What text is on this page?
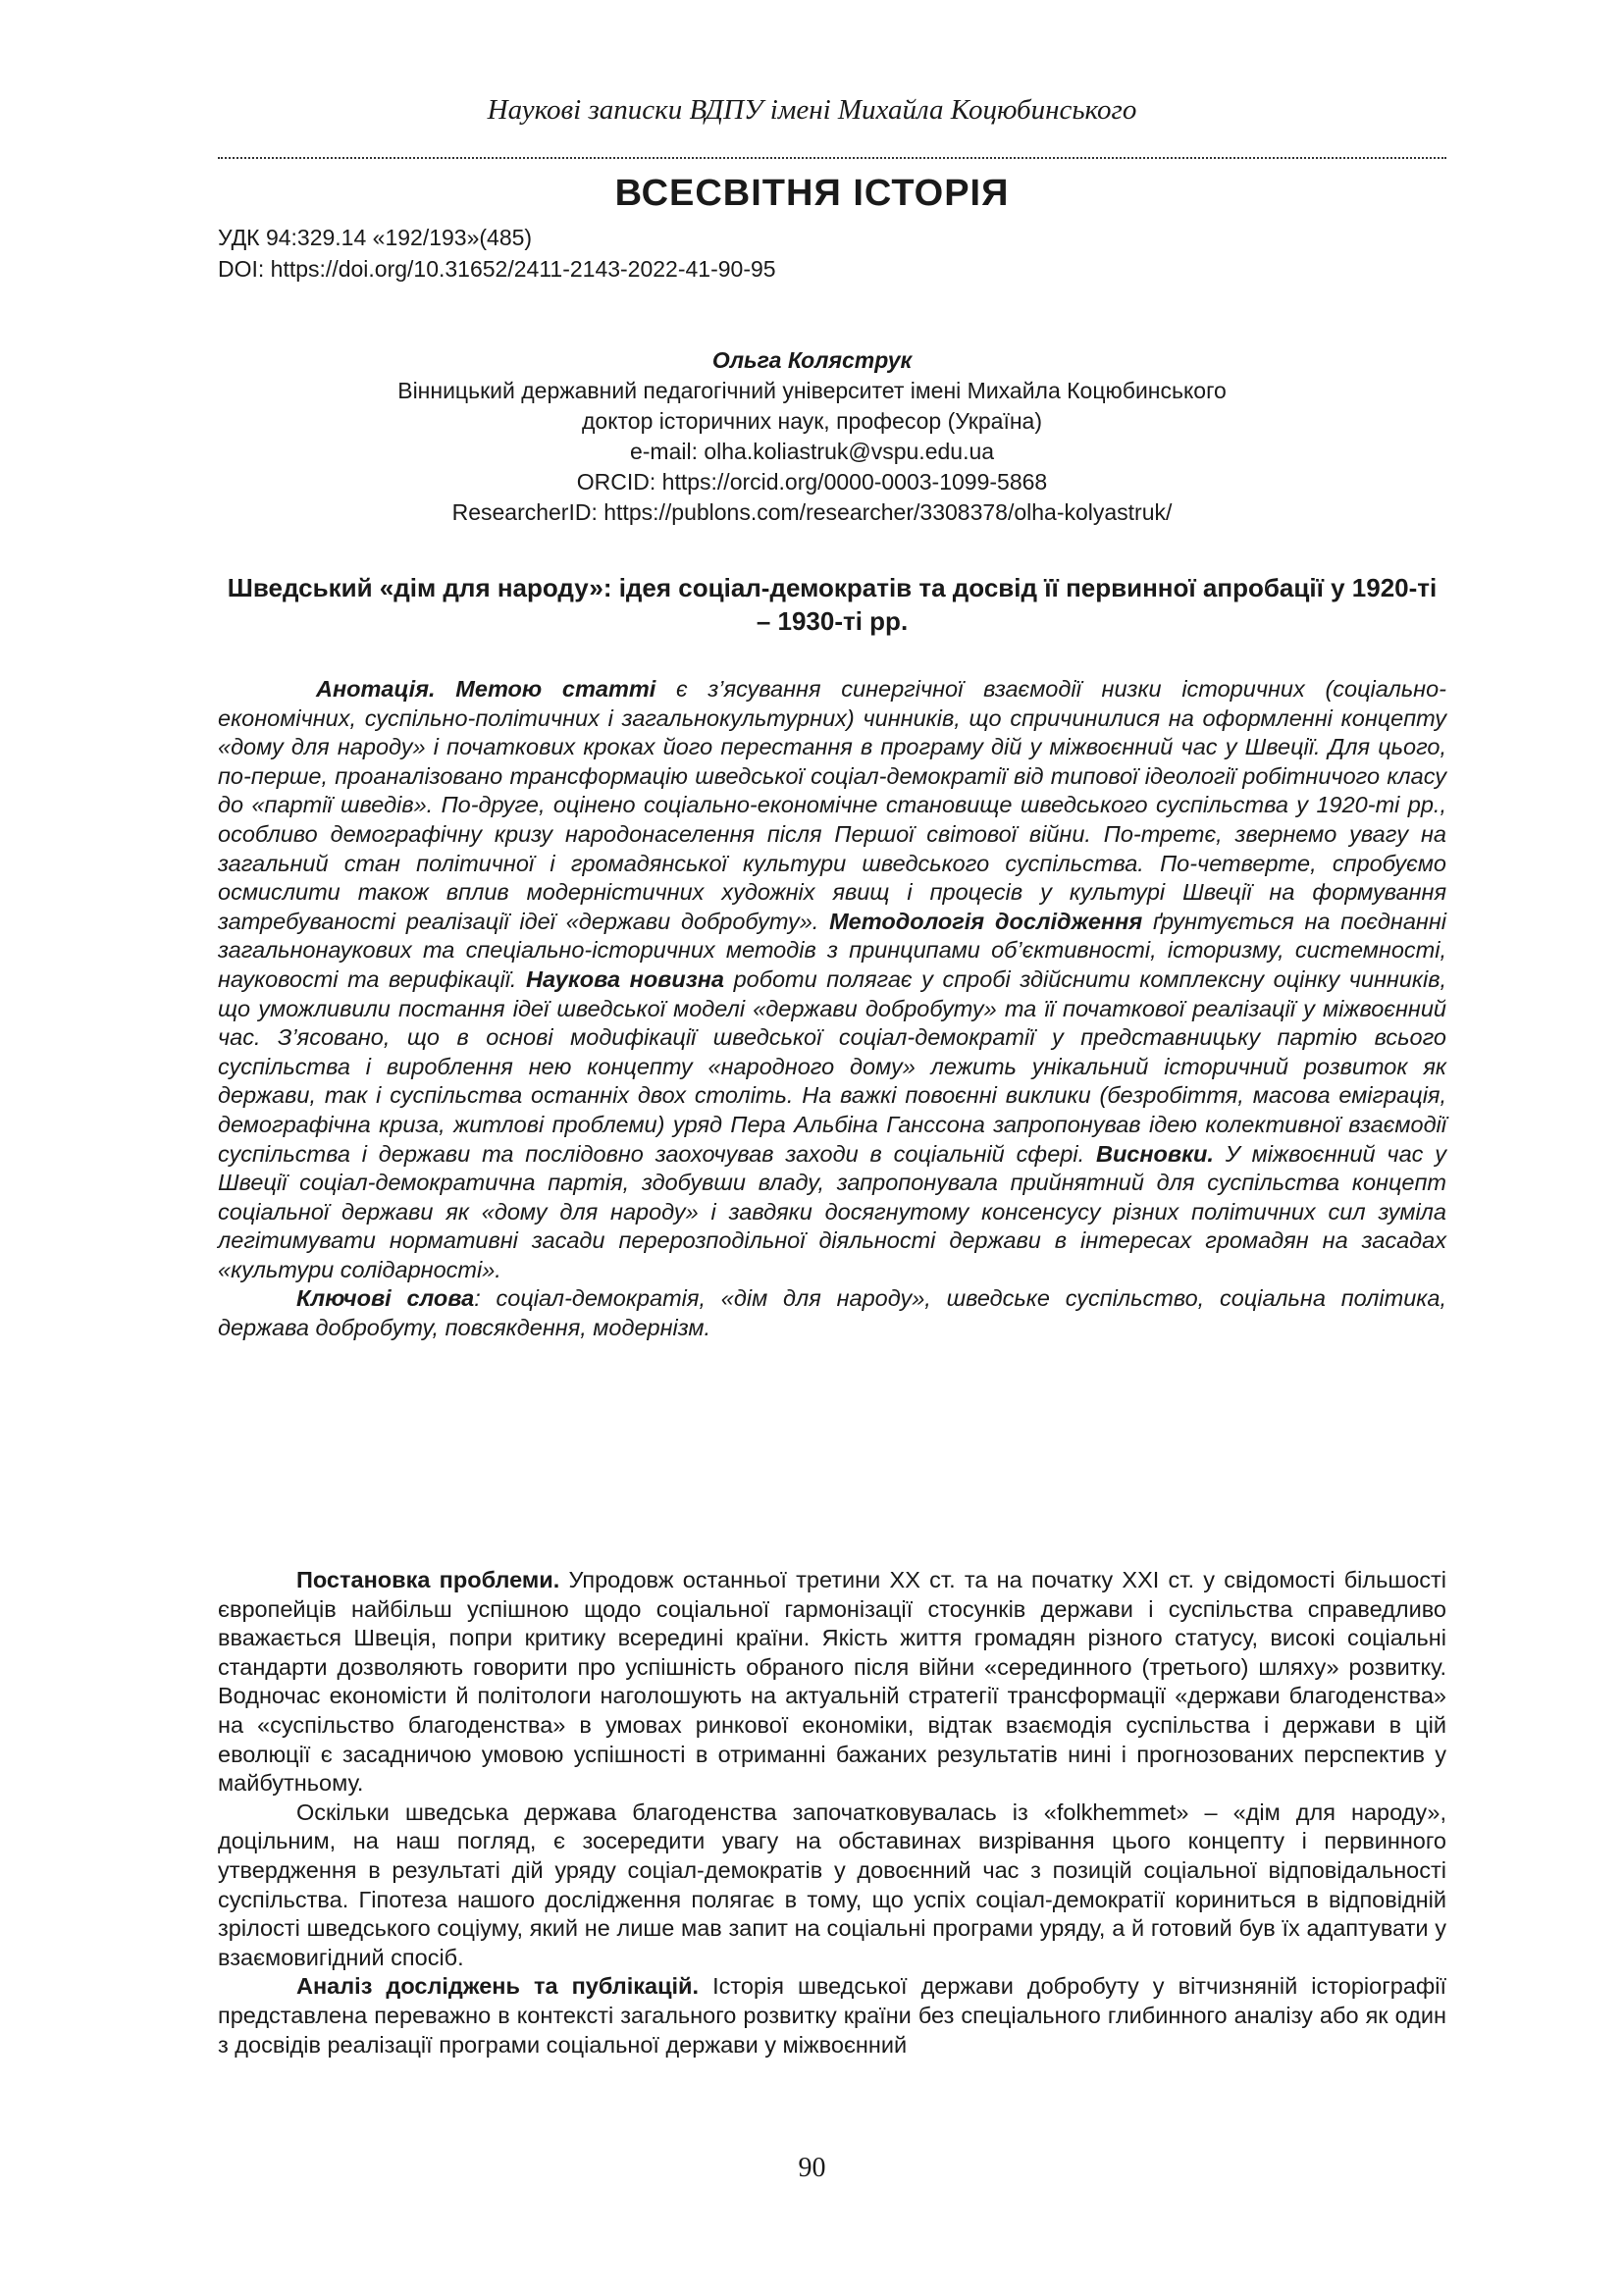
Наукові записки ВДПУ імені Михайла Коцюбинського
ВСЕСВІТНЯ ІСТОРІЯ
УДК 94:329.14 «192/193»(485)
DOI: https://doi.org/10.31652/2411-2143-2022-41-90-95
Ольга Коляструк
Вінницький державний педагогічний університет імені Михайла Коцюбинського
доктор історичних наук, професор (Україна)
e-mail: olha.koliastruk@vspu.edu.ua
ORCID: https://orcid.org/0000-0003-1099-5868
ResearcherID: https://publons.com/researcher/3308378/olha-kolyastruk/
Шведський «дім для народу»: ідея соціал-демократів та досвід її первинної апробації у 1920-ті – 1930-ті рр.

Анотація. Метою статті є з’ясування синергічної взаємодії низки історичних (соціально-економічних, суспільно-політичних і загальнокультурних) чинників, що спричинилися на оформленні концепту «дому для народу» і початкових кроках його перестання в програму дій у міжвоєнний час у Швеції. Для цього, по-перше, проаналізовано трансформацію шведської соціал-демократії від типової ідеології робітничого класу до «партії шведів». По-друге, оцінено соціально-економічне становище шведського суспільства у 1920-ті рр., особливо демографічну кризу народонаселення після Першої світової війни. По-третє, звернемо увагу на загальний стан політичної і громадянської культури шведського суспільства. По-четверте, спробуємо осмислити також вплив модерністичних художніх явищ і процесів у культурі Швеції на формування затребуваності реалізації ідеї «держави добробуту». Методологія дослідження ґрунтується на поєднанні загальнонаукових та спеціально-історичних методів з принципами об’єктивності, історизму, системності, науковості та верифікації. Наукова новизна роботи полягає у спробі здійснити комплексну оцінку чинників, що уможливили постання ідеї шведської моделі «держави добробуту» та її початкової реалізації у міжвоєнний час. З’ясовано, що в основі модифікації шведської соціал-демократії у представницьку партію всього суспільства і вироблення нею концепту «народного дому» лежить унікальний історичний розвиток як держави, так і суспільства останніх двох століть. На важкі повоєнні виклики (безробіття, масова еміграція, демографічна криза, житлові проблеми) уряд Пера Альбіна Ганссона запропонував ідею колективної взаємодії суспільства і держави та послідовно заохочував заходи в соціальній сфері. Висновки. У міжвоєнний час у Швеції соціал-демократична партія, здобувши владу, запропонувала прийнятний для суспільства концепт соціальної держави як «дому для народу» і завдяки досягнутому консенсусу різних політичних сил зуміла легітимувати нормативні засади перерозподільної діяльності держави в інтересах громадян на засадах «культури солідарності».

Ключові слова: соціал-демократія, «дім для народу», шведське суспільство, соціальна політика, держава добробуту, повсякдення, модернізм.

Постановка проблеми. Упродовж останньої третини ХХ ст. та на початку ХХІ ст. у свідомості більшості європейців найбільш успішною щодо соціальної гармонізації стосунків держави і суспільства справедливо вважається Швеція, попри критику всередині країни. Якість життя громадян різного статусу, високі соціальні стандарти дозволяють говорити про успішність обраного після війни «серединного (третього) шляху» розвитку. Водночас економісти й політологи наголошують на актуальній стратегії трансформації «держави благоденства» на «суспільство благоденства» в умовах ринкової економіки, відтак взаємодія суспільства і держави в цій еволюції є засадничою умовою успішності в отриманні бажаних результатів нині і прогнозованих перспектив у майбутньому.

Оскільки шведська держава благоденства започатковувалась із «folkhemmet» – «дім для народу», доцільним, на наш погляд, є зосередити увагу на обставинах визрівання цього концепту і первинного утвердження в результаті дій уряду соціал-демократів у довоєнний час з позицій соціальної відповідальності суспільства. Гіпотеза нашого дослідження полягає в тому, що успіх соціал-демократії кориниться в відповідній зрілості шведського соціуму, який не лише мав запит на соціальні програми уряду, а й готовий був їх адаптувати у взаємовигідний спосіб.

Аналіз досліджень та публікацій. Історія шведської держави добробуту у вітчизняній історіографії представлена переважно в контексті загального розвитку країни без спеціального глибинного аналізу або як один з досвідів реалізації програми соціальної держави у міжвоєнний

90
